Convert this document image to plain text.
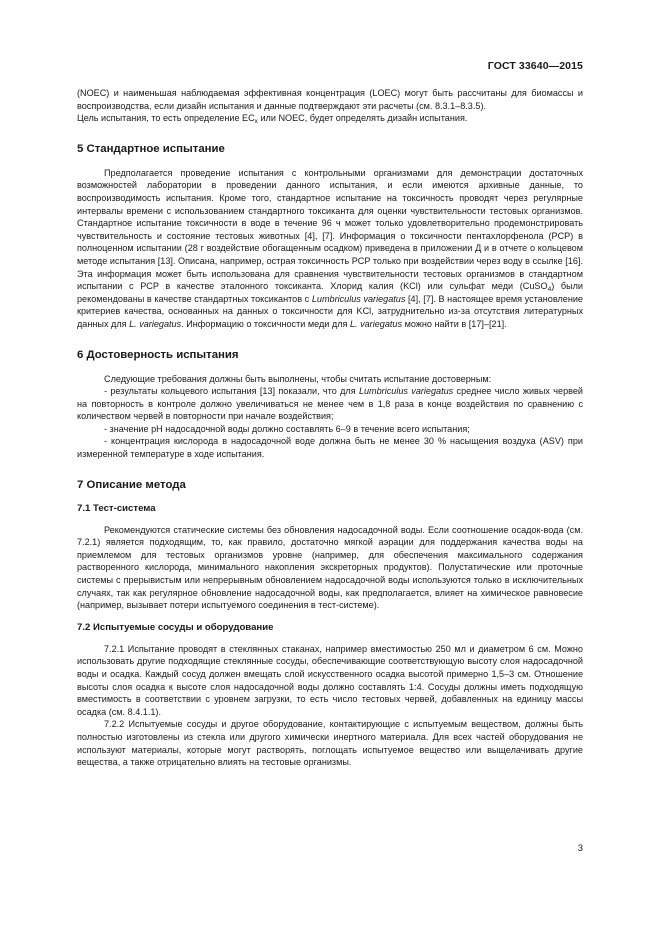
ГОСТ 33640—2015

(NOEC) и наименьшая наблюдаемая эффективная концентрация (LOEC) могут быть рассчитаны для биомассы и воспроизводства, если дизайн испытания и данные подтверждают эти расчеты (см. 8.3.1–8.3.5).

Цель испытания, то есть определение $EC_x$ или NOEC, будет определять дизайн испытания.

5 Стандартное испытание

Предполагается проведение испытания с контрольными организмами для демонстрации достаточных возможностей лаборатории в проведении данного испытания, и если имеются архивные данные, то воспроизводимость испытания. Кроме того, стандартное испытание на токсичность проводят через регулярные интервалы времени с использованием стандартного токсиканта для оценки чувствительности тестовых организмов. Стандартное испытание токсичности в воде в течение 96 ч может только удовлетворительно продемонстрировать чувствительность и состояние тестовых животных [4], [7]. Информация о токсичности пентахлорфенола (PCP) в полноценном испытании (28 г воздействие обогащенным осадком) приведена в приложении Д и в отчете о кольцевом методе испытания [13]. Описана, например, острая токсичность PCP только при воздействии через воду в ссылке [16]. Эта информация может быть использована для сравнения чувствительности тестовых организмов в стандартном испытании с PCP в качестве эталонного токсиканта. Хлорид калия (KCl) или сульфат меди (CuSO$_4$) были рекомендованы в качестве стандартных токсикантов с Lumbriculus variegatus [4], [7]. В настоящее время установление критериев качества, основанных на данных о токсичности для KCl, затруднительно из-за отсутствия литературных данных для L. variegatus. Информацию о токсичности меди для L. variegatus можно найти в [17]–[21].

6 Достоверность испытания

Следующие требования должны быть выполнены, чтобы считать испытание достоверным:

- результаты кольцевого испытания [13] показали, что для Lumbriculus variegatus среднее число живых червей на повторность в контроле должно увеличиваться не менее чем в 1,8 раза в конце воздействия по сравнению с количеством червей в повторности при начале воздействия;

- значение pH надосадочной воды должно составлять 6–9 в течение всего испытания;

- концентрация кислорода в надосадочной воде должна быть не менее 30 % насыщения воздуха (ASV) при измеренной температуре в ходе испытания.

7 Описание метода
7.1 Тест-система

Рекомендуются статические системы без обновления надосадочной воды. Если соотношение осадок-вода (см. 7.2.1) является подходящим, то, как правило, достаточно мягкой аэрации для поддержания качества воды на приемлемом для тестовых организмов уровне (например, для обеспечения максимального содержания растворенного кислорода, минимального накопления экскреторных продуктов). Полустатические или проточные системы с прерывистым или непрерывным обновлением надосадочной воды используются только в исключительных случаях, так как регулярное обновление надосадочной воды, как предполагается, влияет на химическое равновесие (например, вызывает потери испытуемого соединения в тест-системе).

7.2 Испытуемые сосуды и оборудование

7.2.1 Испытание проводят в стеклянных стаканах, например вместимостью 250 мл и диаметром 6 см. Можно использовать другие подходящие стеклянные сосуды, обеспечивающие соответствующую высоту слоя надосадочной воды и осадка. Каждый сосуд должен вмещать слой искусственного осадка высотой примерно 1,5–3 см. Отношение высоты слоя осадка к высоте слоя надосадочной воды должно составлять 1:4. Сосуды должны иметь подходящую вместимость в соответствии с уровнем загрузки, то есть число тестовых червей, добавленных на единицу массы осадка (см. 8.4.1.1).

7.2.2 Испытуемые сосуды и другое оборудование, контактирующие с испытуемым веществом, должны быть полностью изготовлены из стекла или другого химически инертного материала. Для всех частей оборудования не используют материалы, которые могут растворять, поглощать испытуемое вещество или выщелачивать другие вещества, а также отрицательно влиять на тестовые организмы.

3
